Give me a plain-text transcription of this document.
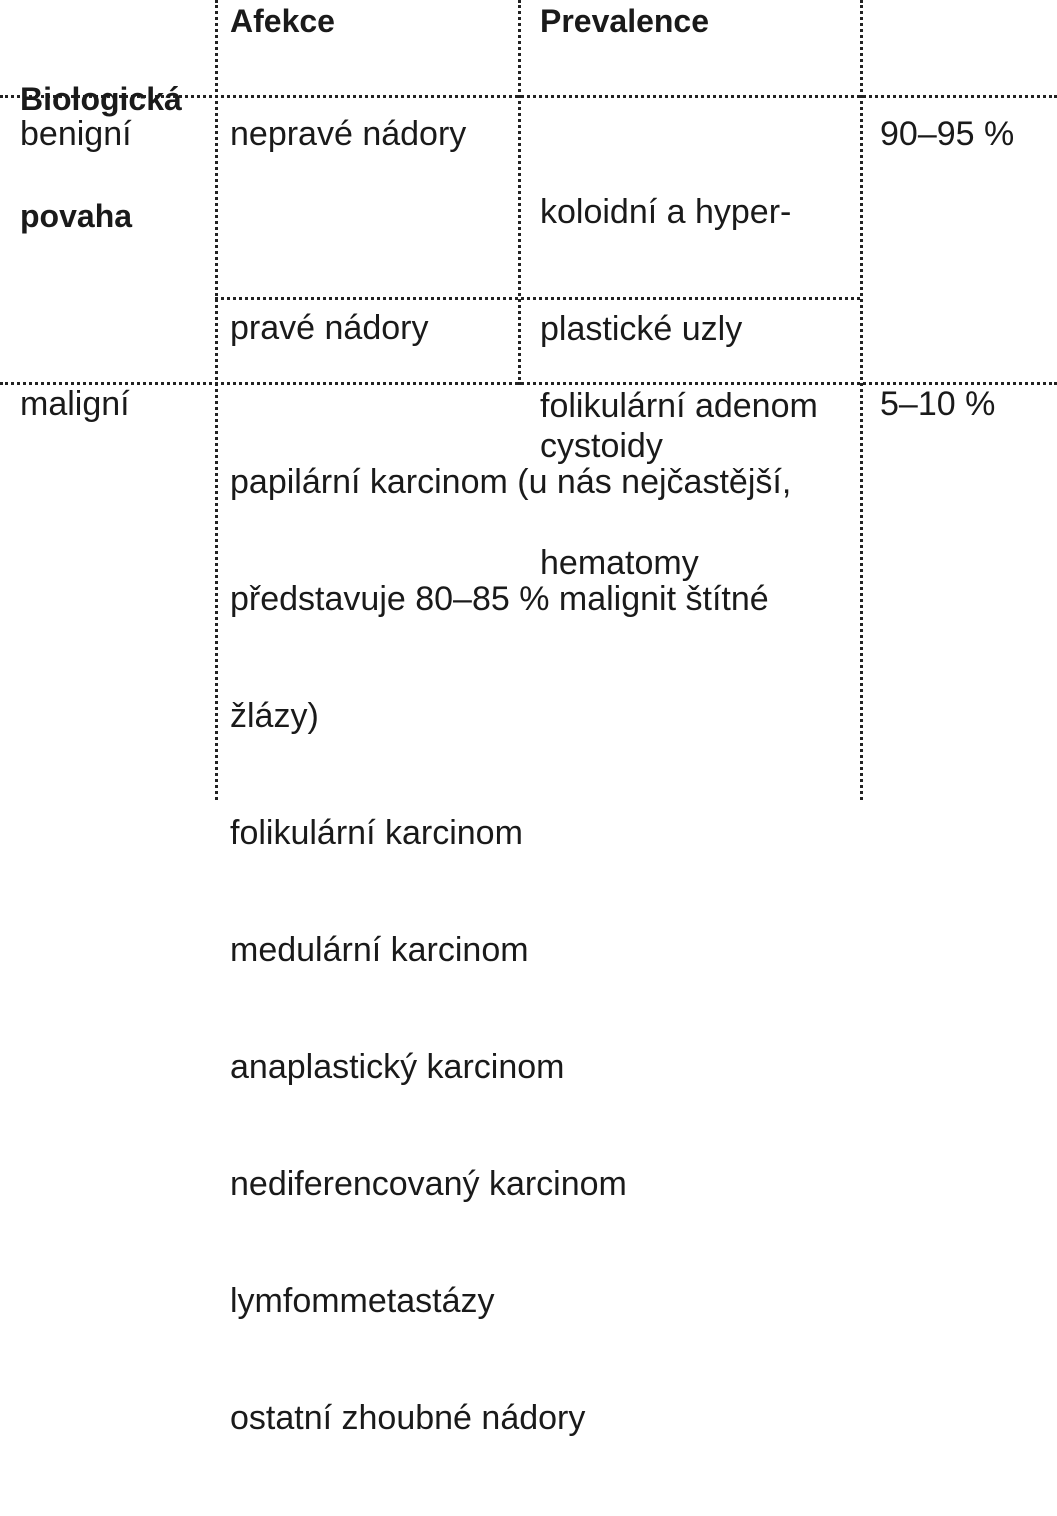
Biologická

povaha

Afekce	Prevalence
benigní	nepravé nádory

koloidní a hyper-

plastické uzly

cystoidy

hematomy

pravé nádory

folikulární adenom

90–95 %
maligní

papilární karcinom (u nás nejčastější,

představuje 80–85 % malignit štítné

žlázy)

folikulární karcinom

medulární karcinom

anaplastický karcinom

nediferencovaný karcinom

lymfommetastázy

ostatní zhoubné nádory

5–10 %
